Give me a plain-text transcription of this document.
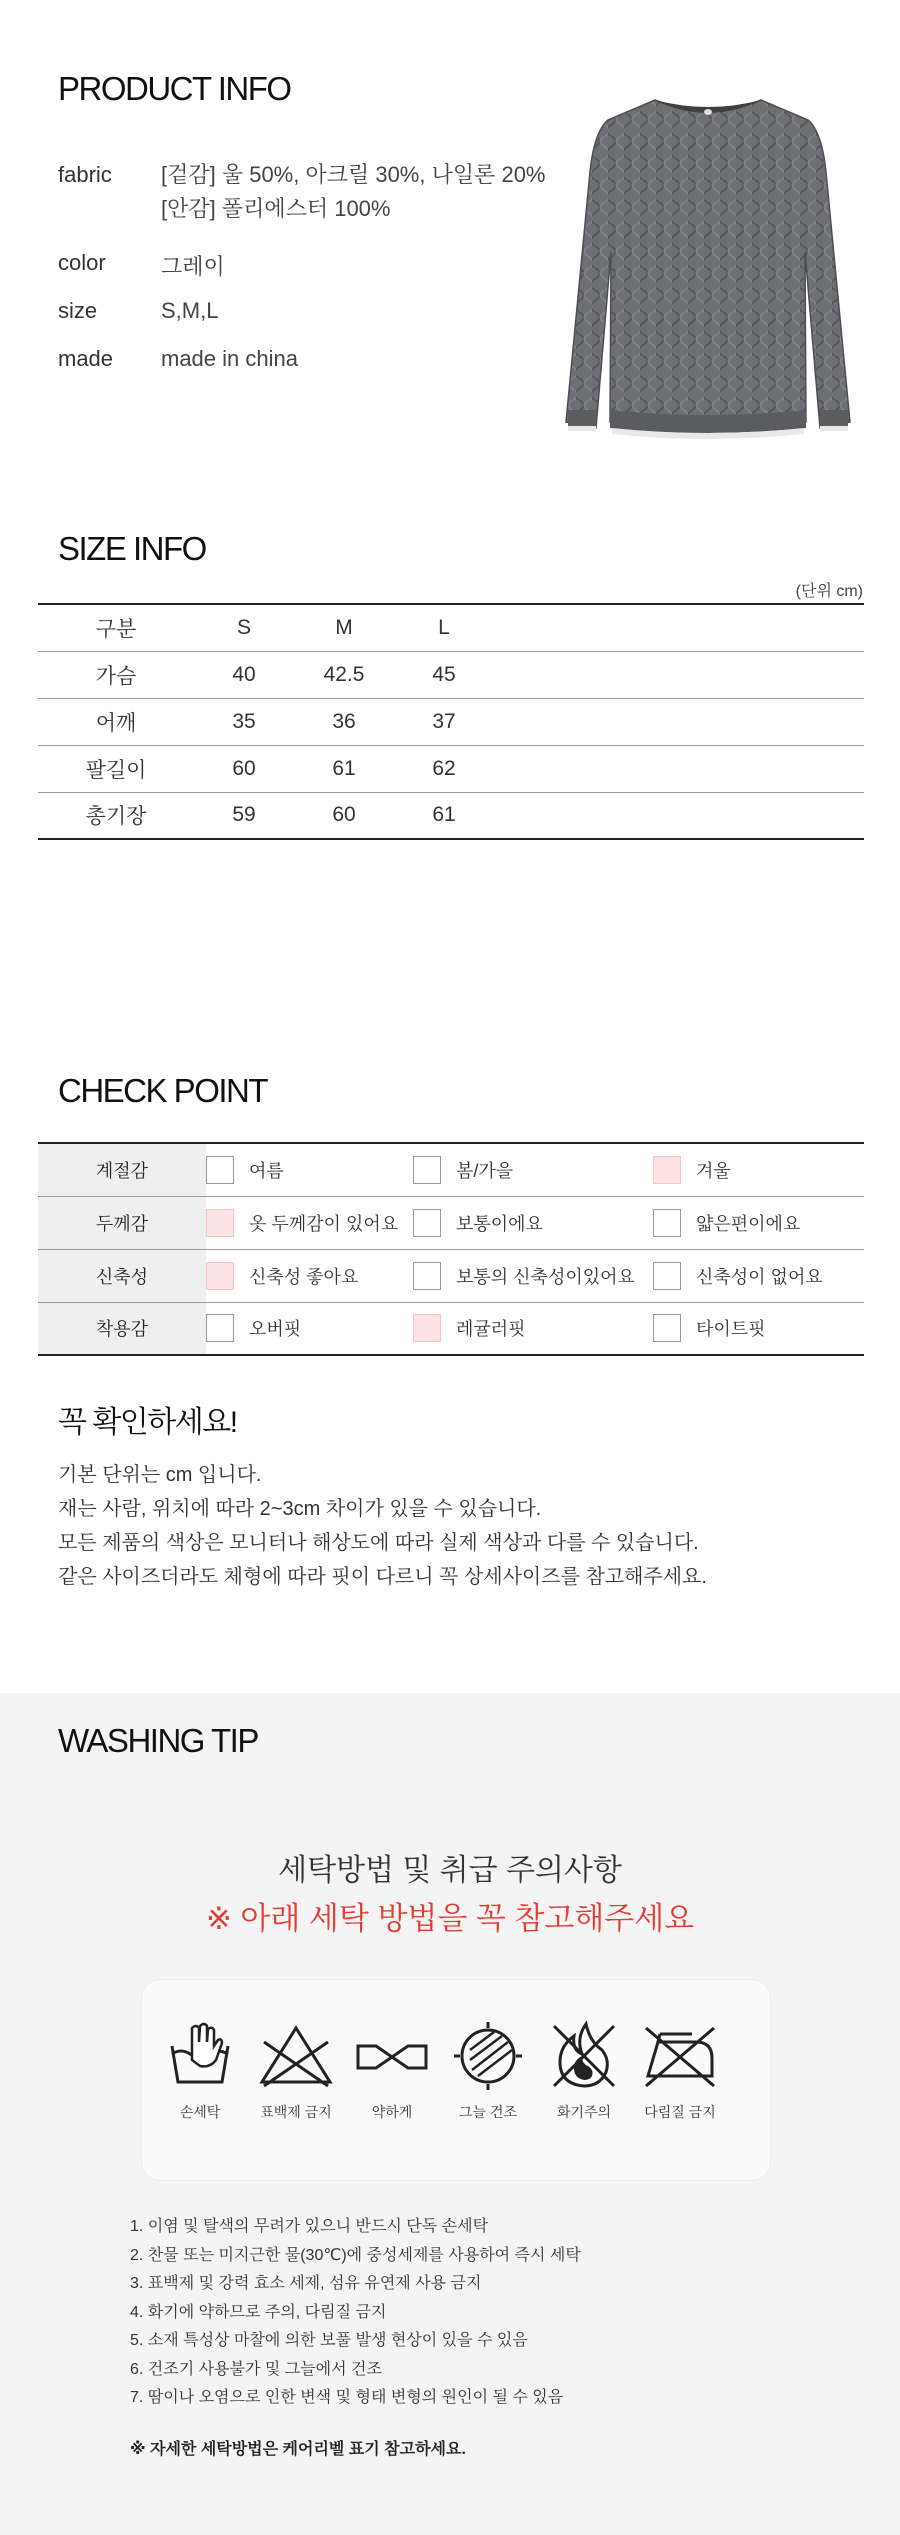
PRODUCT INFO
fabric	[겉감] 울 50%, 아크릴 30%, 나일론 20%
[안감] 폴리에스터 100%
color	그레이
size	S,M,L
made	made in china
SIZE INFO
(단위 cm)
구분	S	M	L	
가슴	40	42.5	45	
어깨	35	36	37	
팔길이	60	61	62	
총기장	59	60	61	
CHECK POINT
계절감	여름	봄/가을	겨울

두께감	옷 두께감이 있어요	보통이에요	얇은편이에요

신축성	신축성 좋아요	보통의 신축성이있어요	신축성이 없어요

착용감	오버핏	레귤러핏	타이트핏
꼭 확인하세요!
기본 단위는 cm 입니다.
재는 사람, 위치에 따라 2~3cm 차이가 있을 수 있습니다.
모든 제품의 색상은 모니터나 해상도에 따라 실제 색상과 다를 수 있습니다.
같은 사이즈더라도 체형에 따라 핏이 다르니 꼭 상세사이즈를 참고해주세요.
WASHING TIP
세탁방법 및 취급 주의사항
※ 아래 세탁 방법을 꼭 참고해주세요
손세탁	표백제 금지	약하게	그늘 건조	화기주의	다림질 금지
1. 이염 및 탈색의 무려가 있으니 반드시 단독 손세탁
2. 찬물 또는 미지근한 물(30℃)에 중성세제를 사용하여 즉시 세탁
3. 표백제 및 강력 효소 세제, 섬유 유연제 사용 금지
4. 화기에 약하므로 주의, 다림질 금지
5. 소재 특성상 마찰에 의한 보풀 발생 현상이 있을 수 있음
6. 건조기 사용불가 및 그늘에서 건조
7. 땀이나 오염으로 인한 변색 및 형태 변형의 원인이 될 수 있음
※ 자세한 세탁방법은 케어리벨 표기 참고하세요.
